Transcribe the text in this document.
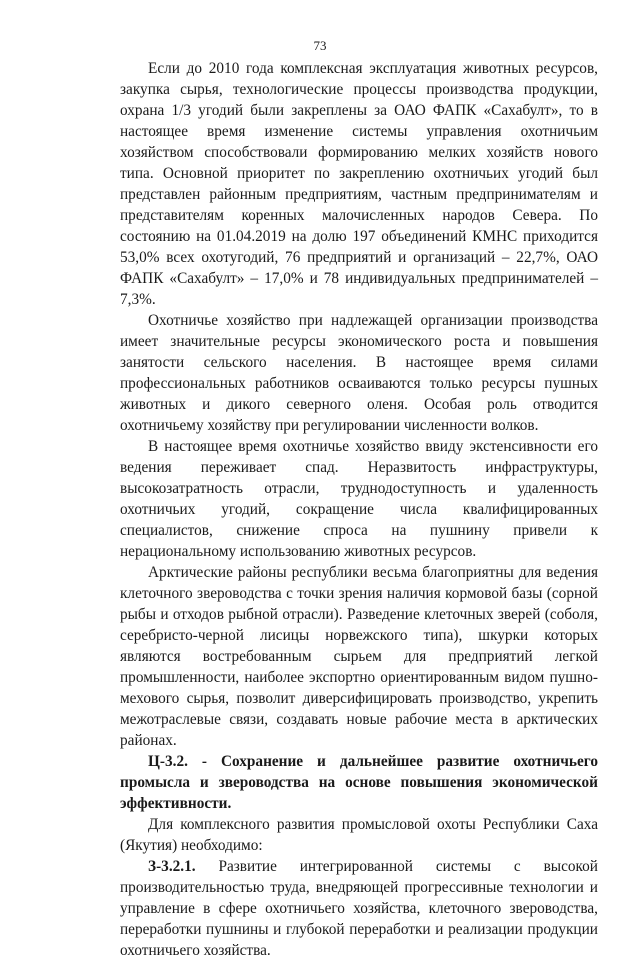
73

Если до 2010 года комплексная эксплуатация животных ресурсов, закупка сырья, технологические процессы производства продукции, охрана 1/3 угодий были закреплены за ОАО ФАПК «Сахабулт», то в настоящее время изменение системы управления охотничьим хозяйством способствовали формированию мелких хозяйств нового типа. Основной приоритет по закреплению охотничьих угодий был представлен районным предприятиям, частным предпринимателям и представителям коренных малочисленных народов Севера. По состоянию на 01.04.2019 на долю 197 объединений КМНС приходится 53,0% всех охотугодий, 76 предприятий и организаций – 22,7%, ОАО ФАПК «Сахабулт» – 17,0% и 78 индивидуальных предпринимателей – 7,3%.

Охотничье хозяйство при надлежащей организации производства имеет значительные ресурсы экономического роста и повышения занятости сельского населения. В настоящее время силами профессиональных работников осваиваются только ресурсы пушных животных и дикого северного оленя. Особая роль отводится охотничьему хозяйству при регулировании численности волков.

В настоящее время охотничье хозяйство ввиду экстенсивности его ведения переживает спад. Неразвитость инфраструктуры, высокозатратность отрасли, труднодоступность и удаленность охотничьих угодий, сокращение числа квалифицированных специалистов, снижение спроса на пушнину привели к нерациональному использованию животных ресурсов.

Арктические районы республики весьма благоприятны для ведения клеточного звероводства с точки зрения наличия кормовой базы (сорной рыбы и отходов рыбной отрасли). Разведение клеточных зверей (соболя, серебристо-черной лисицы норвежского типа), шкурки которых являются востребованным сырьем для предприятий легкой промышленности, наиболее экспортно ориентированным видом пушно-мехового сырья, позволит диверсифицировать производство, укрепить межотраслевые связи, создавать новые рабочие места в арктических районах.

Ц-3.2. - Сохранение и дальнейшее развитие охотничьего промысла и звероводства на основе повышения экономической эффективности.

Для комплексного развития промысловой охоты Республики Саха (Якутия) необходимо:

З-3.2.1. Развитие интегрированной системы с высокой производительностью труда, внедряющей прогрессивные технологии и управление в сфере охотничьего хозяйства, клеточного звероводства, переработки пушнины и глубокой переработки и реализации продукции охотничьего хозяйства.
